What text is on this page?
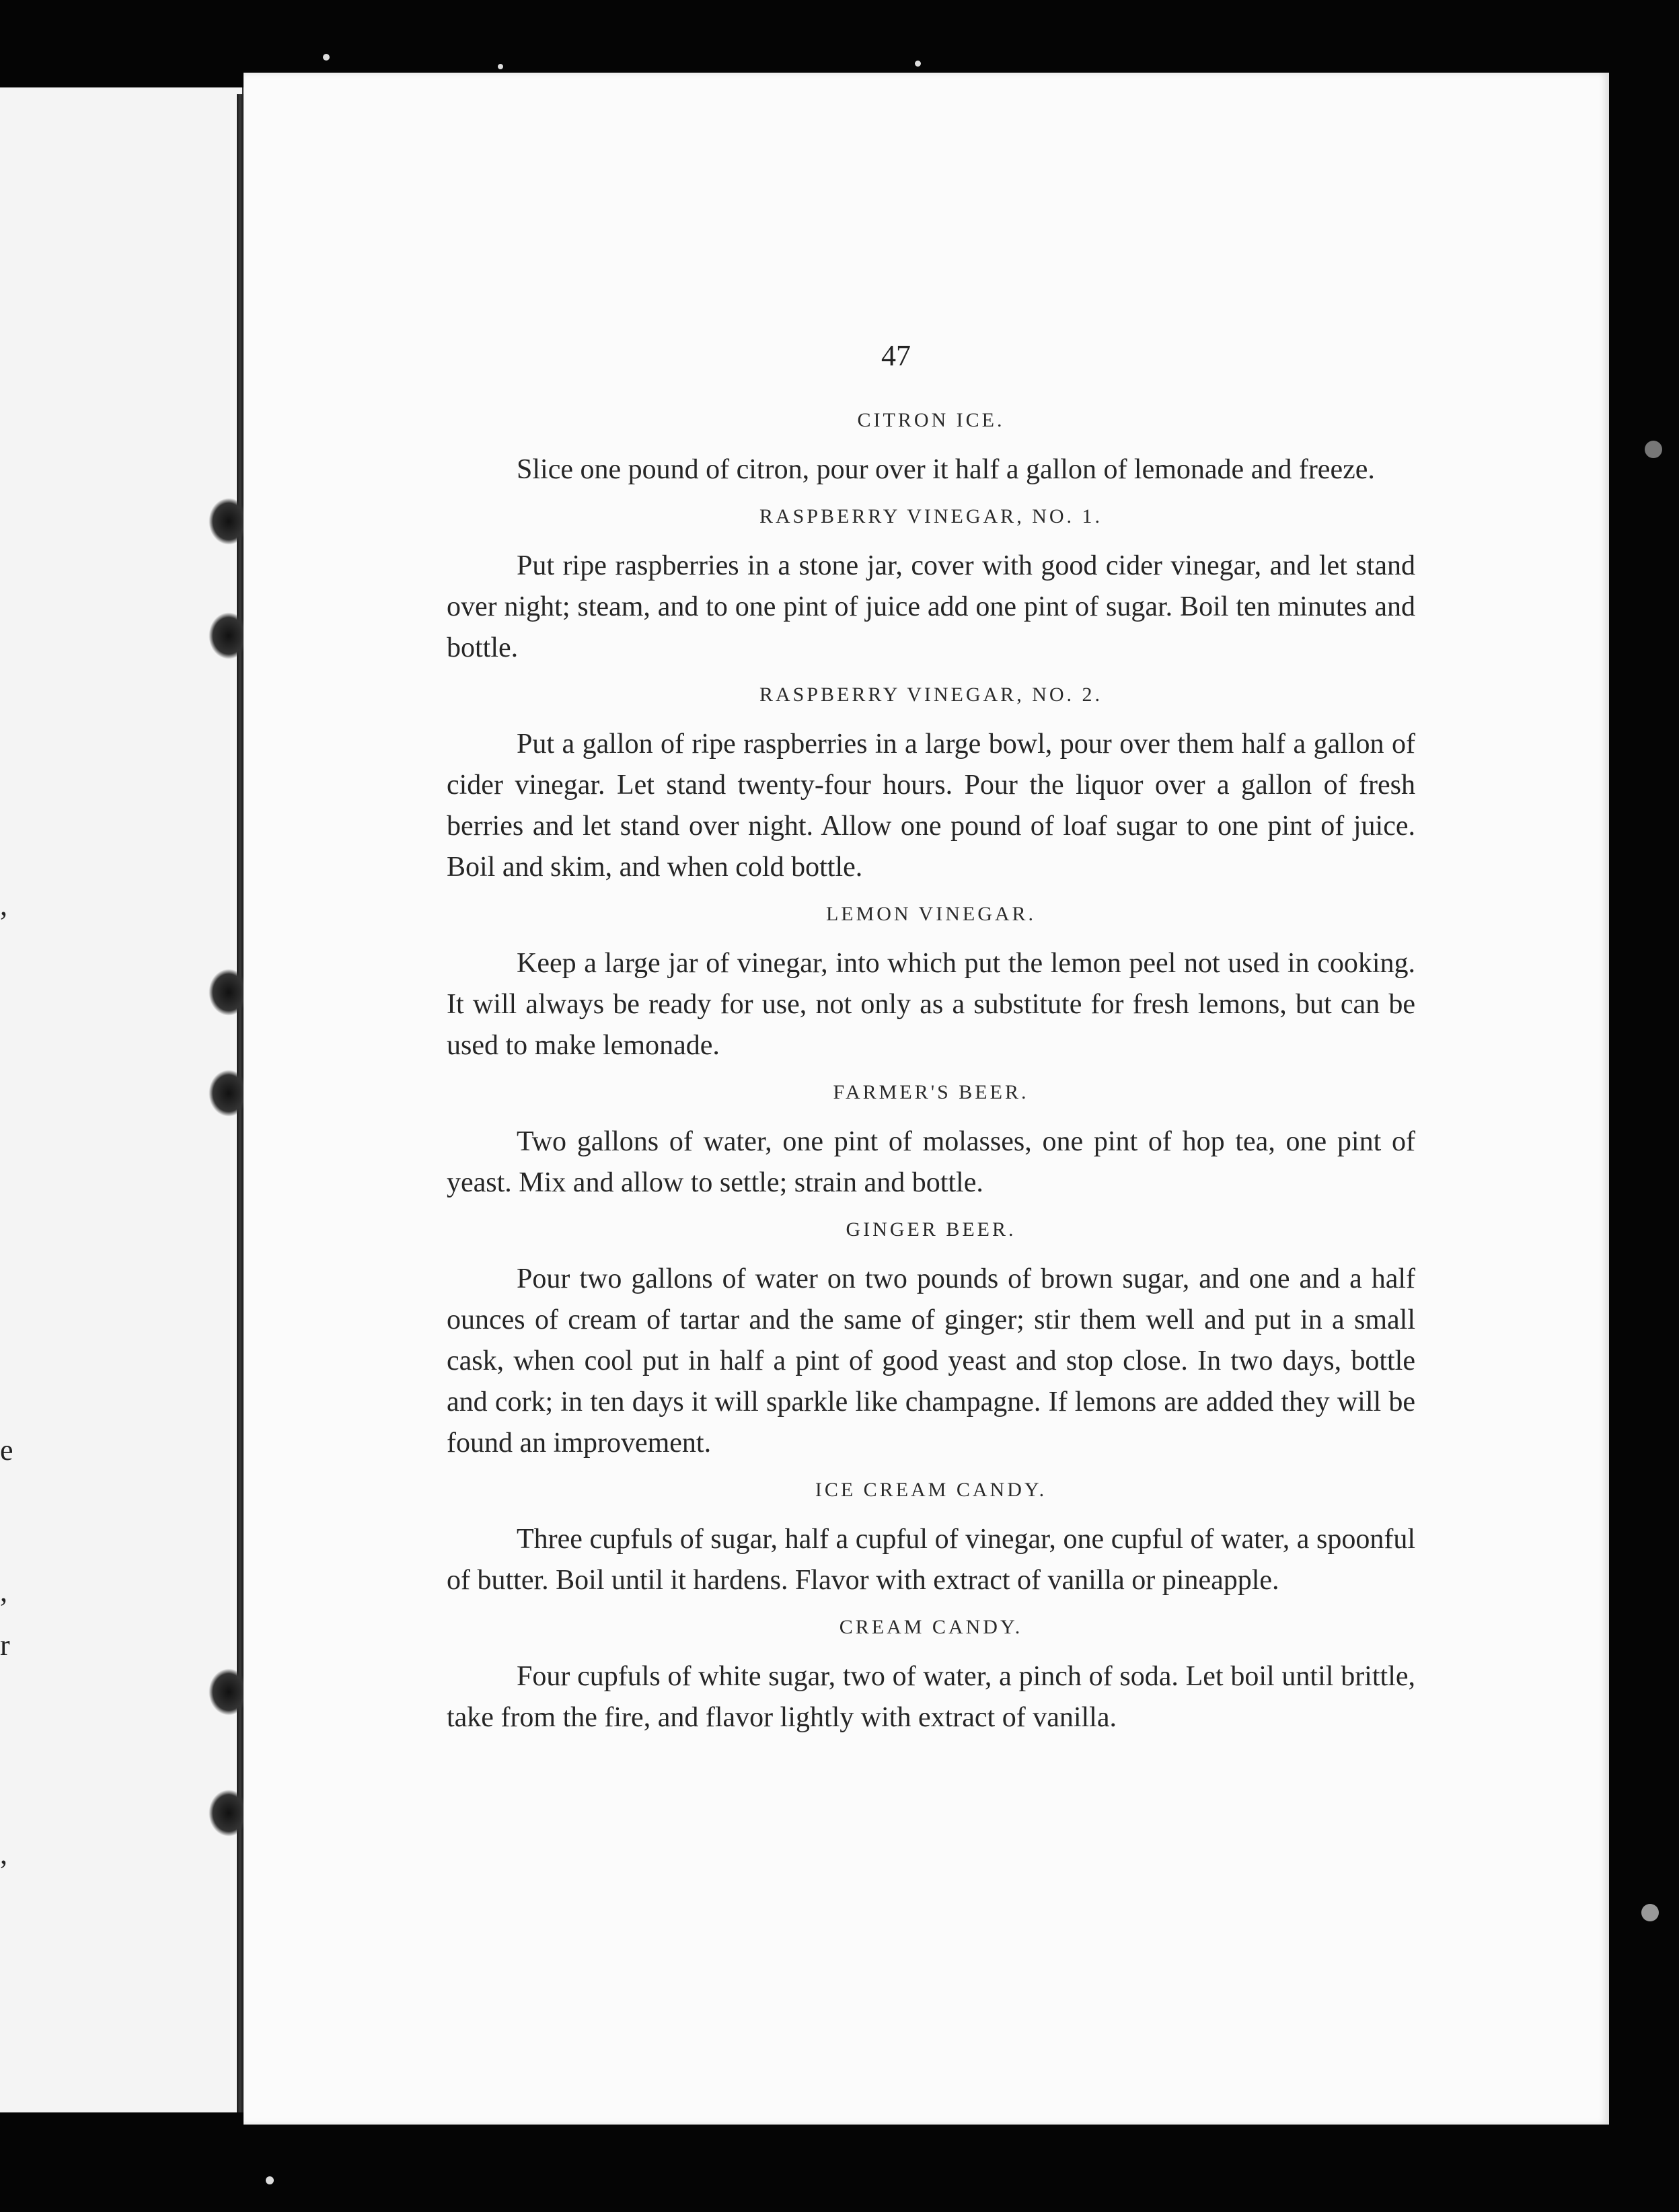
,
e
,
r
,
47
CITRON ICE.

Slice one pound of citron, pour over it half a gallon of lemonade and freeze.

RASPBERRY VINEGAR, NO. 1.

Put ripe raspberries in a stone jar, cover with good cider vinegar, and let stand over night; steam, and to one pint of juice add one pint of sugar. Boil ten minutes and bottle.

RASPBERRY VINEGAR, NO. 2.

Put a gallon of ripe raspberries in a large bowl, pour over them half a gallon of cider vinegar. Let stand twenty-four hours. Pour the liquor over a gallon of fresh berries and let stand over night. Allow one pound of loaf sugar to one pint of juice. Boil and skim, and when cold bottle.

LEMON VINEGAR.

Keep a large jar of vinegar, into which put the lemon peel not used in cooking. It will always be ready for use, not only as a substitute for fresh lemons, but can be used to make lemonade.

FARMER'S BEER.

Two gallons of water, one pint of molasses, one pint of hop tea, one pint of yeast. Mix and allow to settle; strain and bottle.

GINGER BEER.

Pour two gallons of water on two pounds of brown sugar, and one and a half ounces of cream of tartar and the same of ginger; stir them well and put in a small cask, when cool put in half a pint of good yeast and stop close. In two days, bottle and cork; in ten days it will sparkle like champagne. If lemons are added they will be found an improvement.

ICE CREAM CANDY.

Three cupfuls of sugar, half a cupful of vinegar, one cupful of water, a spoonful of butter. Boil until it hardens. Flavor with extract of vanilla or pineapple.

CREAM CANDY.

Four cupfuls of white sugar, two of water, a pinch of soda. Let boil until brittle, take from the fire, and flavor lightly with extract of vanilla.
